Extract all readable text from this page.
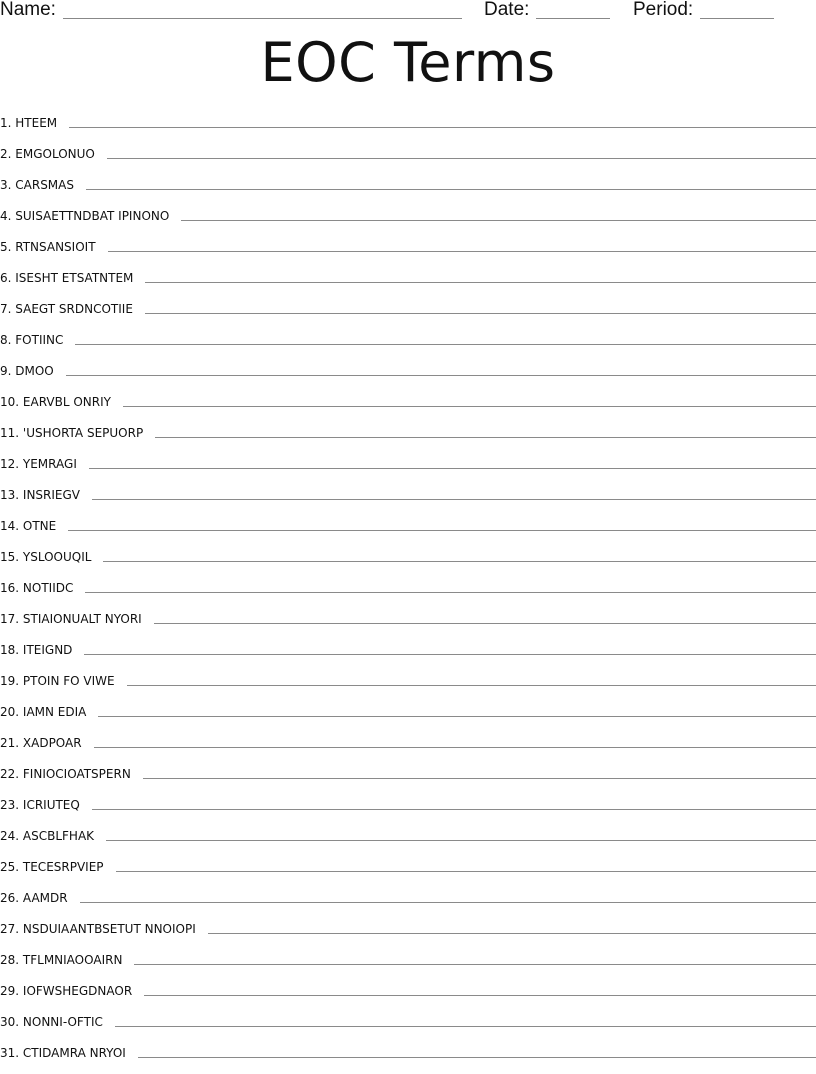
Name:	Date:	Period:
EOC Terms
1. HTEEM
2. EMGOLONUO
3. CARSMAS
4. SUISAETTNDBAT IPINONO
5. RTNSANSIOIT
6. ISESHT ETSATNTEM
7. SAEGT SRDNCOTIIE
8. FOTIINC
9. DMOO
10. EARVBL ONRIY
11. 'USHORTA SEPUORP
12. YEMRAGI
13. INSRIEGV
14. OTNE
15. YSLOOUQIL
16. NOTIIDC
17. STIAIONUALT NYORI
18. ITEIGND
19. PTOIN FO VIWE
20. IAMN EDIA
21. XADPOAR
22. FINIOCIOATSPERN
23. ICRIUTEQ
24. ASCBLFHAK
25. TECESRPVIEP
26. AAMDR
27. NSDUIAANTBSETUT NNOIOPI
28. TFLMNIAOOAIRN
29. IOFWSHEGDNAOR
30. NONNI-OFTIC
31. CTIDAMRA NRYOI
